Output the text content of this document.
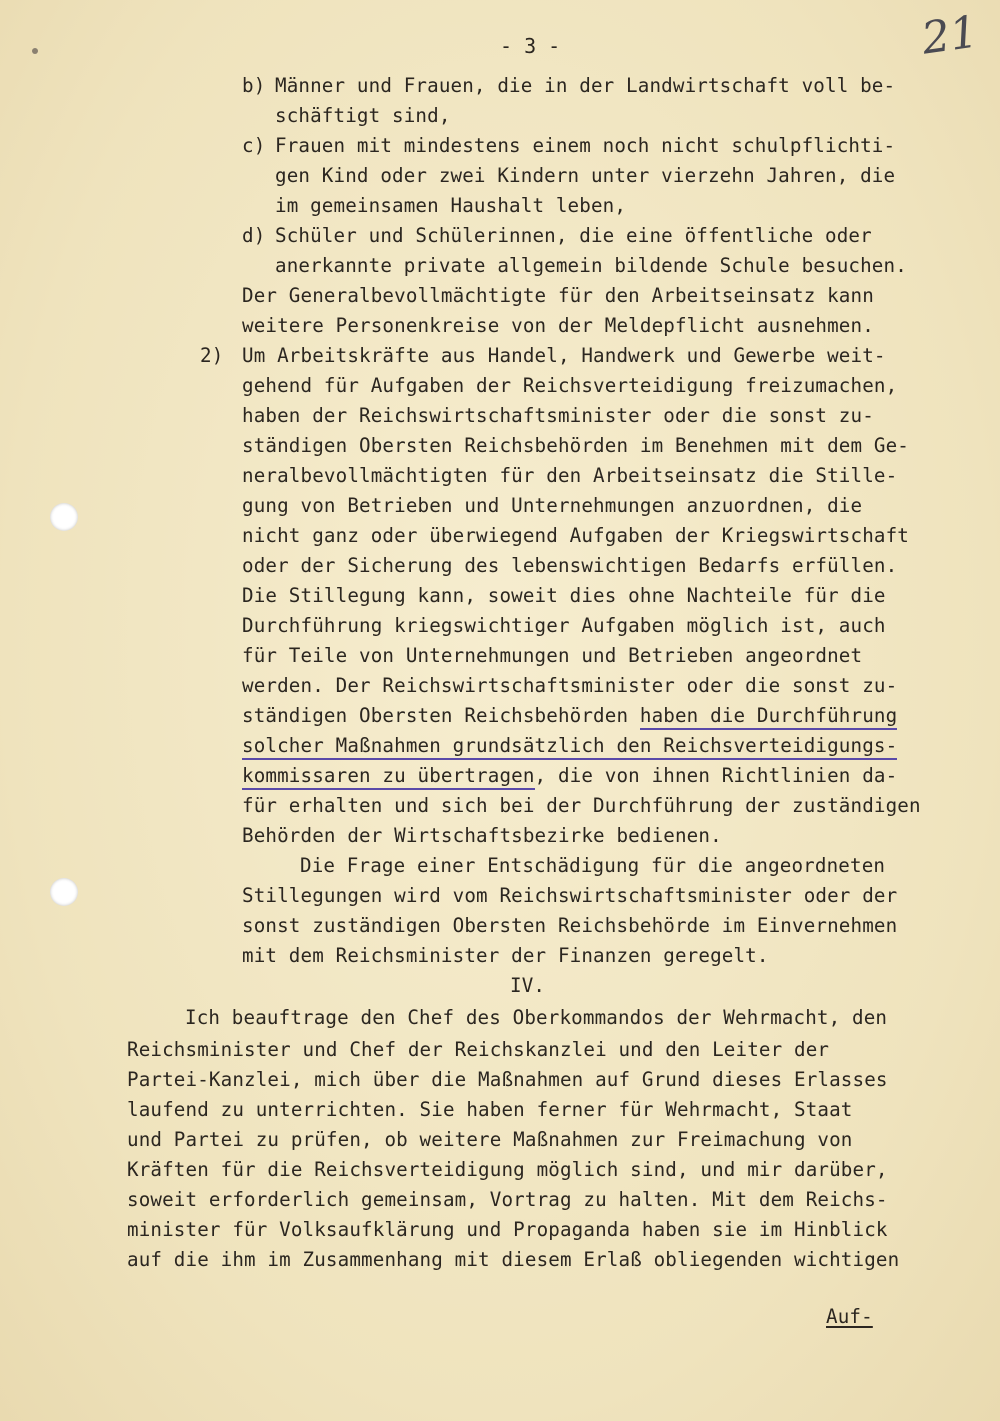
- 3 -	21
b) Männer und Frauen, die in der Landwirtschaft voll be-
schäftigt sind,
c) Frauen mit mindestens einem noch nicht schulpflichti-
gen Kind oder zwei Kindern unter vierzehn Jahren, die
im gemeinsamen Haushalt leben,
d) Schüler und Schülerinnen, die eine öffentliche oder
anerkannte private allgemein bildende Schule besuchen.
Der Generalbevollmächtigte für den Arbeitseinsatz kann
weitere Personenkreise von der Meldepflicht ausnehmen.
2) Um Arbeitskräfte aus Handel, Handwerk und Gewerbe weit-
gehend für Aufgaben der Reichsverteidigung freizumachen,
haben der Reichswirtschaftsminister oder die sonst zu-
ständigen Obersten Reichsbehörden im Benehmen mit dem Ge-
neralbevollmächtigten für den Arbeitseinsatz die Stille-
gung von Betrieben und Unternehmungen anzuordnen, die
nicht ganz oder überwiegend Aufgaben der Kriegswirtschaft
oder der Sicherung des lebenswichtigen Bedarfs erfüllen.
Die Stillegung kann, soweit dies ohne Nachteile für die
Durchführung kriegswichtiger Aufgaben möglich ist, auch
für Teile von Unternehmungen und Betrieben angeordnet
werden. Der Reichswirtschaftsminister oder die sonst zu-
ständigen Obersten Reichsbehörden haben die Durchführung
solcher Maßnahmen grundsätzlich den Reichsverteidigungs-
kommissaren zu übertragen, die von ihnen Richtlinien da-
für erhalten und sich bei der Durchführung der zuständigen
Behörden der Wirtschaftsbezirke bedienen.
Die Frage einer Entschädigung für die angeordneten
Stillegungen wird vom Reichswirtschaftsminister oder der
sonst zuständigen Obersten Reichsbehörde im Einvernehmen
mit dem Reichsminister der Finanzen geregelt.
IV.
Ich beauftrage den Chef des Oberkommandos der Wehrmacht, den
Reichsminister und Chef der Reichskanzlei und den Leiter der
Partei-Kanzlei, mich über die Maßnahmen auf Grund dieses Erlasses
laufend zu unterrichten. Sie haben ferner für Wehrmacht, Staat
und Partei zu prüfen, ob weitere Maßnahmen zur Freimachung von
Kräften für die Reichsverteidigung möglich sind, und mir darüber,
soweit erforderlich gemeinsam, Vortrag zu halten. Mit dem Reichs-
minister für Volksaufklärung und Propaganda haben sie im Hinblick
auf die ihm im Zusammenhang mit diesem Erlaß obliegenden wichtigen
Auf-
